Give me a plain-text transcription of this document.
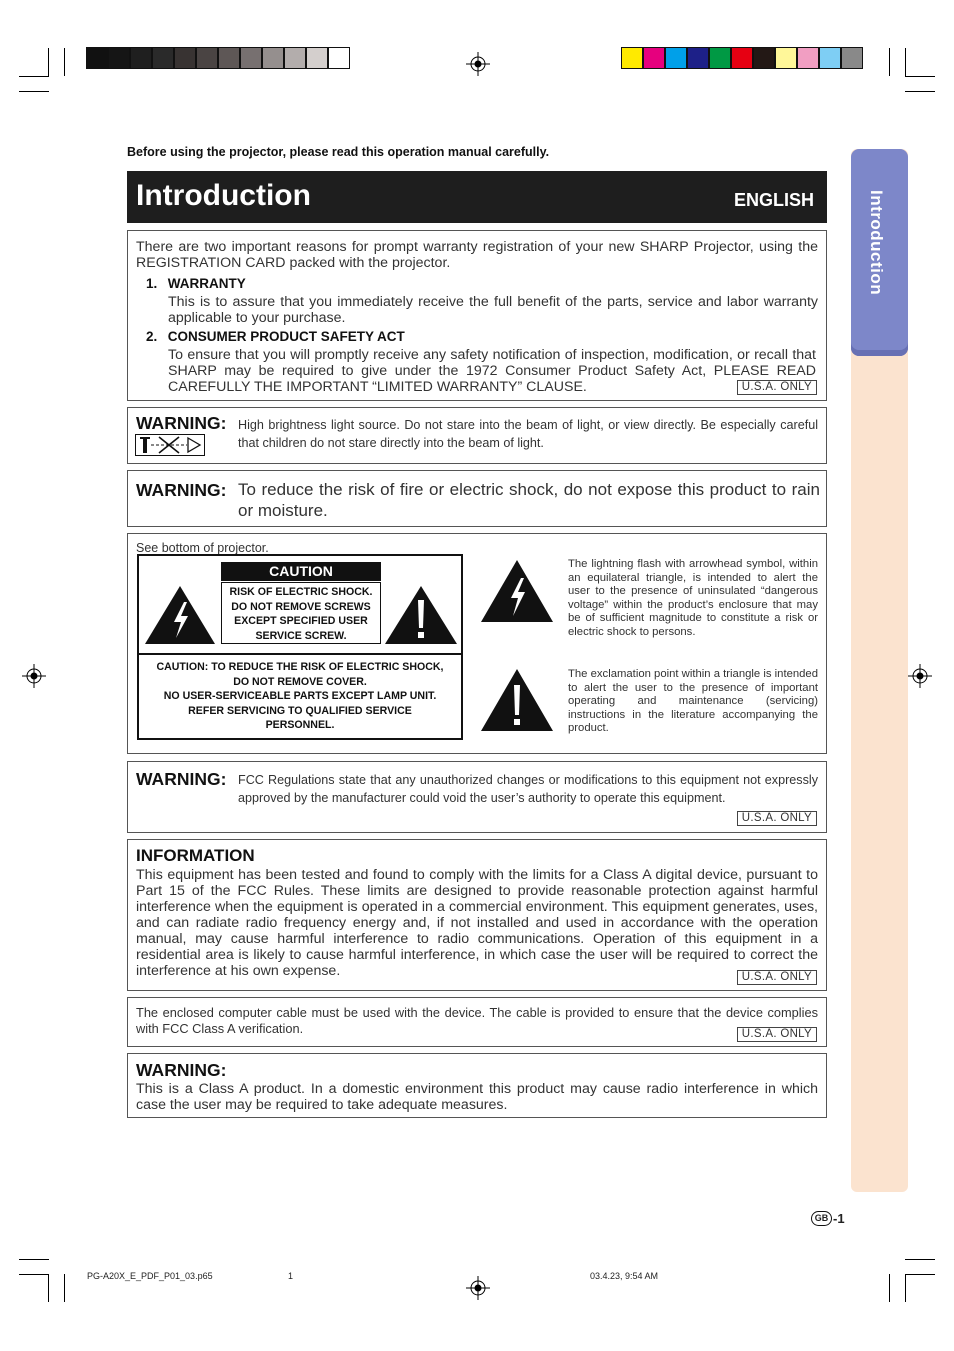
Introduction
Before using the projector, please read this operation manual carefully.
Introduction	ENGLISH
There are two important reasons for prompt warranty registration of your new SHARP Projector, using the REGISTRATION CARD packed with the projector.
1. WARRANTY
This is to assure that you immediately receive the full benefit of the parts, service and labor warranty applicable to your purchase.
2. CONSUMER PRODUCT SAFETY ACT
To ensure that you will promptly receive any safety notification of inspection, modification, or recall that SHARP may be required to give under the 1972 Consumer Product Safety Act, PLEASE READ CAREFULLY THE IMPORTANT “LIMITED WARRANTY” CLAUSE.	U.S.A. ONLY
WARNING: High brightness light source. Do not stare into the beam of light, or view directly. Be especially careful that children do not stare directly into the beam of light.
WARNING: To reduce the risk of fire or electric shock, do not expose this product to rain or moisture.
See bottom of projector.
CAUTION
RISK OF ELECTRIC SHOCK.
DO NOT REMOVE SCREWS
EXCEPT SPECIFIED USER
SERVICE SCREW.
CAUTION: TO REDUCE THE RISK OF ELECTRIC SHOCK,
DO NOT REMOVE COVER.
NO USER-SERVICEABLE PARTS EXCEPT LAMP UNIT.
REFER SERVICING TO QUALIFIED SERVICE
PERSONNEL.
The lightning flash with arrowhead symbol, within an equilateral triangle, is intended to alert the user to the presence of uninsulated “dangerous voltage” within the product’s enclosure that may be of sufficient magnitude to constitute a risk or electric shock to persons.
The exclamation point within a triangle is intended to alert the user to the presence of important operating and maintenance (servicing) instructions in the literature accompanying the product.
WARNING: FCC Regulations state that any unauthorized changes or modifications to this equipment not expressly approved by the manufacturer could void the user’s authority to operate this equipment.
U.S.A. ONLY
INFORMATION
This equipment has been tested and found to comply with the limits for a Class A digital device, pursuant to Part 15 of the FCC Rules. These limits are designed to provide reasonable protection against harmful interference when the equipment is operated in a commercial environment. This equipment generates, uses, and can radiate radio frequency energy and, if not installed and used in accordance with the operation manual, may cause harmful interference to radio communications. Operation of this equipment in a residential area is likely to cause harmful interference, in which case the user will be required to correct the interference at his own expense.	U.S.A. ONLY
The enclosed computer cable must be used with the device. The cable is provided to ensure that the device complies with FCC Class A verification.	U.S.A. ONLY
WARNING:
This is a Class A product. In a domestic environment this product may cause radio interference in which case the user may be required to take adequate measures.
GB -1
PG-A20X_E_PDF_P01_03.p65	1	03.4.23, 9:54 AM
